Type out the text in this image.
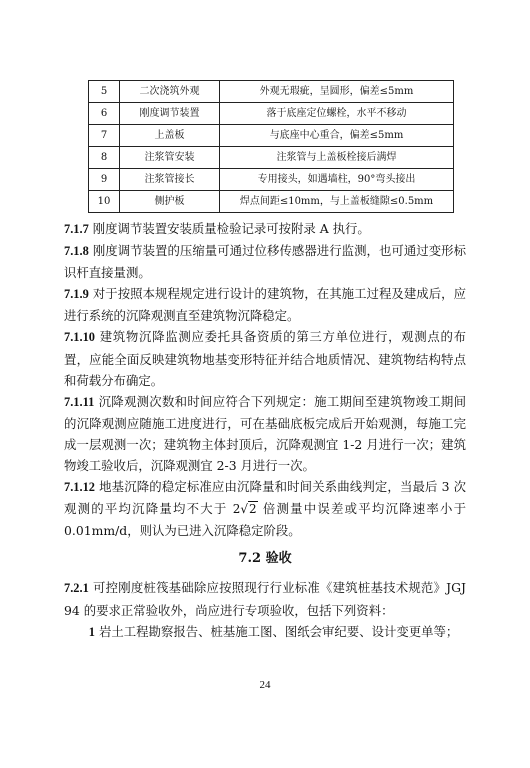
5	二次浇筑外观	外观无瑕疵，呈圆形，偏差≤5mm
6	刚度调节装置	落于底座定位螺栓，水平不移动
7	上盖板	与底座中心重合，偏差≤5mm
8	注浆管安装	注浆管与上盖板栓接后满焊
9	注浆管接长	专用接头，如遇墙柱，90°弯头接出
10	侧护板	焊点间距≤10mm，与上盖板缝隙≤0.5mm

7.1.7 刚度调节装置安装质量检验记录可按附录 A 执行。

7.1.8 刚度调节装置的压缩量可通过位移传感器进行监测，也可通过变形标识杆直接量测。

7.1.9 对于按照本规程规定进行设计的建筑物，在其施工过程及建成后，应进行系统的沉降观测直至建筑物沉降稳定。

7.1.10 建筑物沉降监测应委托具备资质的第三方单位进行，观测点的布置，应能全面反映建筑物地基变形特征并结合地质情况、建筑物结构特点和荷载分布确定。

7.1.11 沉降观测次数和时间应符合下列规定：施工期间至建筑物竣工期间的沉降观测应随施工进度进行，可在基础底板完成后开始观测，每施工完成一层观测一次；建筑物主体封顶后，沉降观测宜 1-2 月进行一次；建筑物竣工验收后，沉降观测宜 2-3 月进行一次。

7.1.12 地基沉降的稳定标准应由沉降量和时间关系曲线判定，当最后 3 次观测的平均沉降量均不大于 2√2 倍测量中误差或平均沉降速率小于 0.01mm/d，则认为已进入沉降稳定阶段。

7.2 验收

7.2.1 可控刚度桩筏基础除应按照现行行业标准《建筑桩基技术规范》JGJ 94 的要求正常验收外，尚应进行专项验收，包括下列资料：

1 岩土工程勘察报告、桩基施工图、图纸会审纪要、设计变更单等；

24
